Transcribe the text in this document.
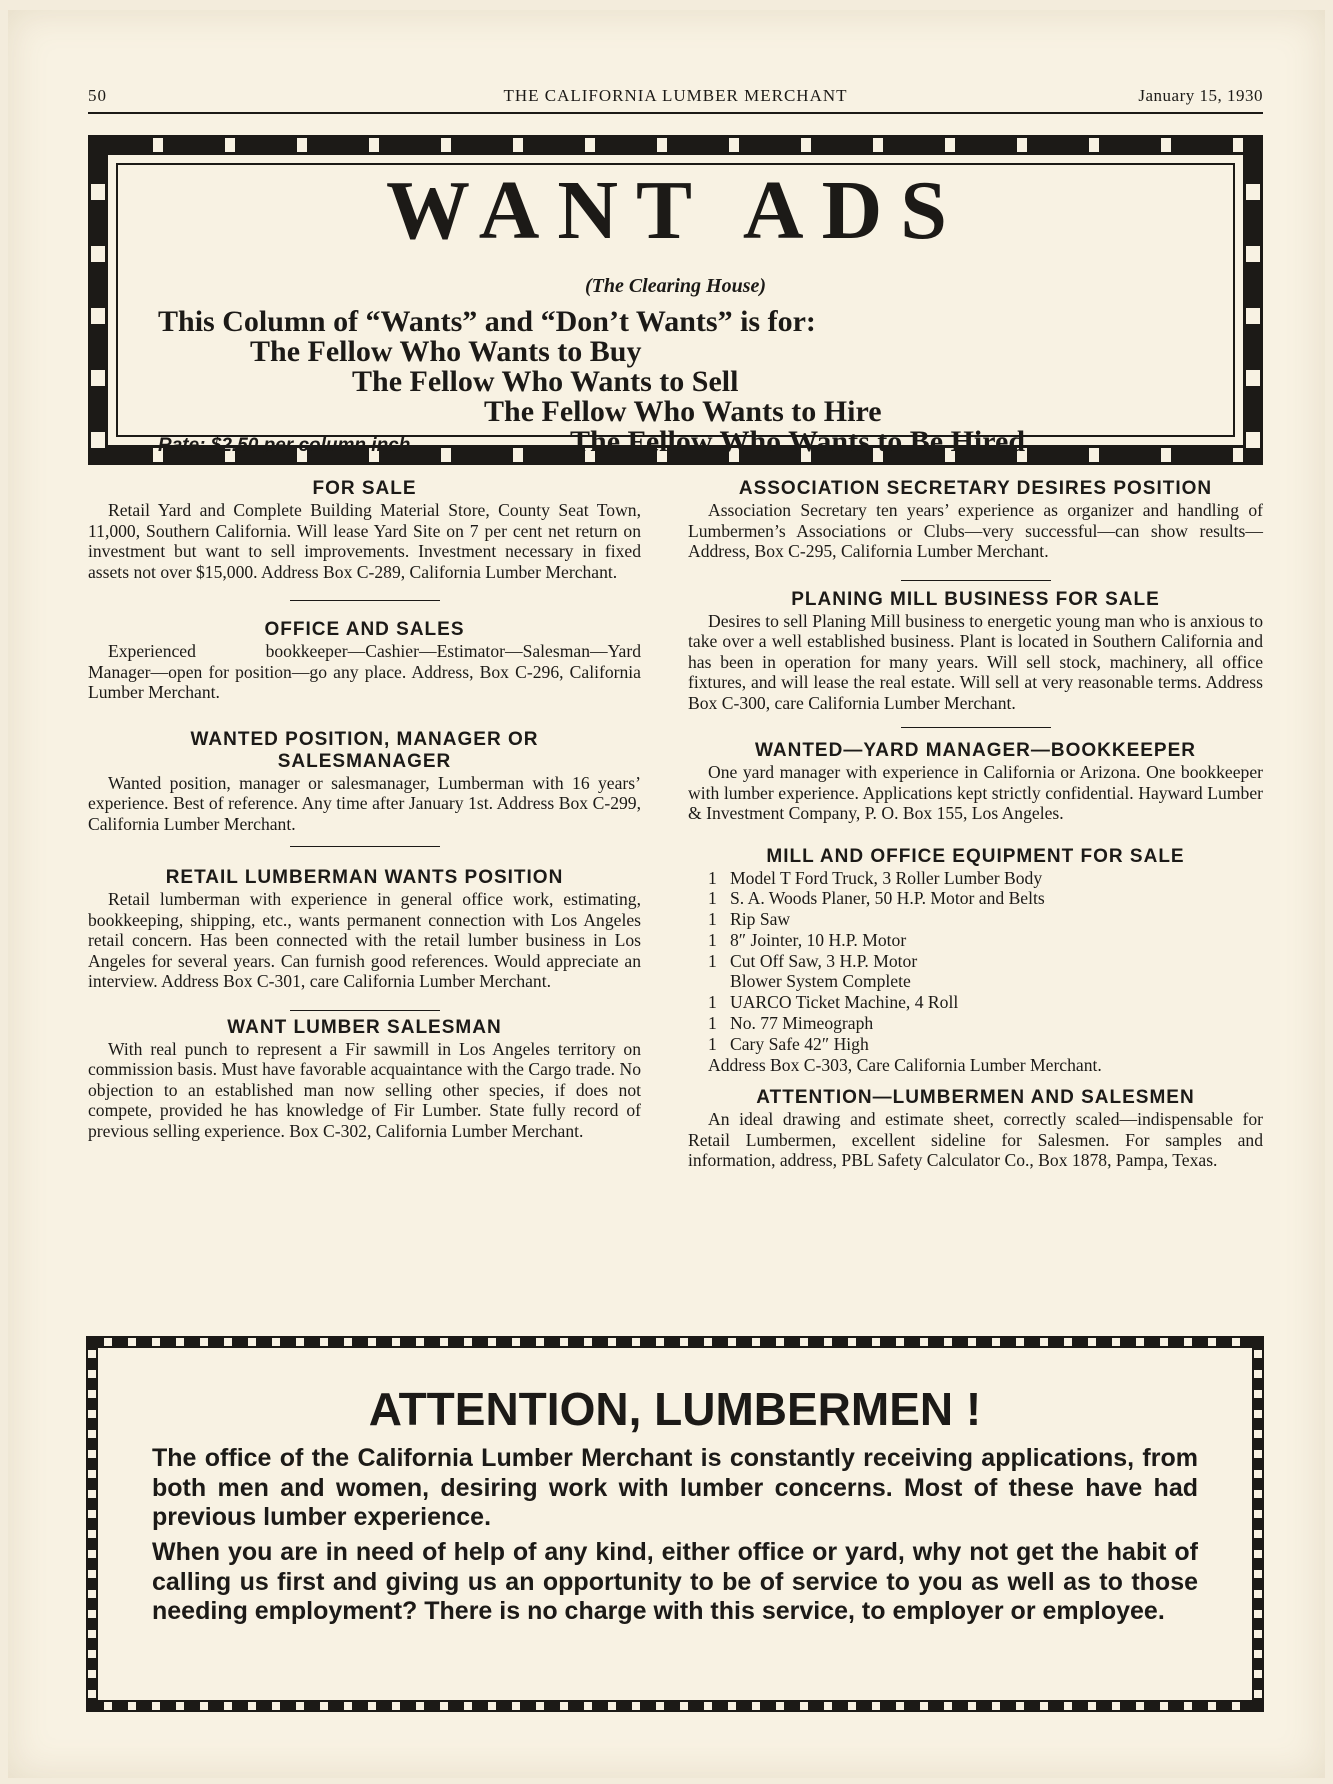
50	THE CALIFORNIA LUMBER MERCHANT	January 15, 1930
WANT ADS
(The Clearing House)
This Column of “Wants” and “Don’t Wants” is for:
The Fellow Who Wants to Buy
The Fellow Who Wants to Sell
The Fellow Who Wants to Hire
The Fellow Who Wants to Be Hired
Rate: $2.50 per column inch
FOR SALE

Retail Yard and Complete Building Material Store, County Seat Town, 11,000, Southern California. Will lease Yard Site on 7 per cent net return on investment but want to sell improvements. Investment necessary in fixed assets not over $15,000. Address Box C-289, California Lumber Merchant.

OFFICE AND SALES

Experienced bookkeeper—Cashier—Estimator—Salesman—Yard Manager—open for position—go any place. Address, Box C-296, California Lumber Merchant.

WANTED POSITION, MANAGER OR SALESMANAGER

Wanted position, manager or salesmanager, Lumberman with 16 years’ experience. Best of reference. Any time after January 1st. Address Box C-299, California Lumber Merchant.

RETAIL LUMBERMAN WANTS POSITION

Retail lumberman with experience in general office work, estimating, bookkeeping, shipping, etc., wants permanent connection with Los Angeles retail concern. Has been connected with the retail lumber business in Los Angeles for several years. Can furnish good references. Would appreciate an interview. Address Box C-301, care California Lumber Merchant.

WANT LUMBER SALESMAN

With real punch to represent a Fir sawmill in Los Angeles territory on commission basis. Must have favorable acquaintance with the Cargo trade. No objection to an established man now selling other species, if does not compete, provided he has knowledge of Fir Lumber. State fully record of previous selling experience. Box C-302, California Lumber Merchant.

ASSOCIATION SECRETARY DESIRES POSITION

Association Secretary ten years’ experience as organizer and handling of Lumbermen’s Associations or Clubs—very successful—can show results—Address, Box C-295, California Lumber Merchant.

PLANING MILL BUSINESS FOR SALE

Desires to sell Planing Mill business to energetic young man who is anxious to take over a well established business. Plant is located in Southern California and has been in operation for many years. Will sell stock, machinery, all office fixtures, and will lease the real estate. Will sell at very reasonable terms. Address Box C-300, care California Lumber Merchant.

WANTED—YARD MANAGER—BOOKKEEPER

One yard manager with experience in California or Arizona. One bookkeeper with lumber experience. Applications kept strictly confidential. Hayward Lumber & Investment Company, P. O. Box 155, Los Angeles.

MILL AND OFFICE EQUIPMENT FOR SALE
1 Model T Ford Truck, 3 Roller Lumber Body
1 S. A. Woods Planer, 50 H.P. Motor and Belts
1 Rip Saw
1 8″ Jointer, 10 H.P. Motor
1 Cut Off Saw, 3 H.P. Motor
Blower System Complete
1 UARCO Ticket Machine, 4 Roll
1 No. 77 Mimeograph
1 Cary Safe 42″ High

Address Box C-303, Care California Lumber Merchant.

ATTENTION—LUMBERMEN AND SALESMEN

An ideal drawing and estimate sheet, correctly scaled—indispensable for Retail Lumbermen, excellent sideline for Salesmen. For samples and information, address, PBL Safety Calculator Co., Box 1878, Pampa, Texas.

ATTENTION, LUMBERMEN !

The office of the California Lumber Merchant is constantly receiving applications, from both men and women, desiring work with lumber concerns. Most of these have had previous lumber experience.

When you are in need of help of any kind, either office or yard, why not get the habit of calling us first and giving us an opportunity to be of service to you as well as to those needing employment? There is no charge with this service, to employer or employee.
